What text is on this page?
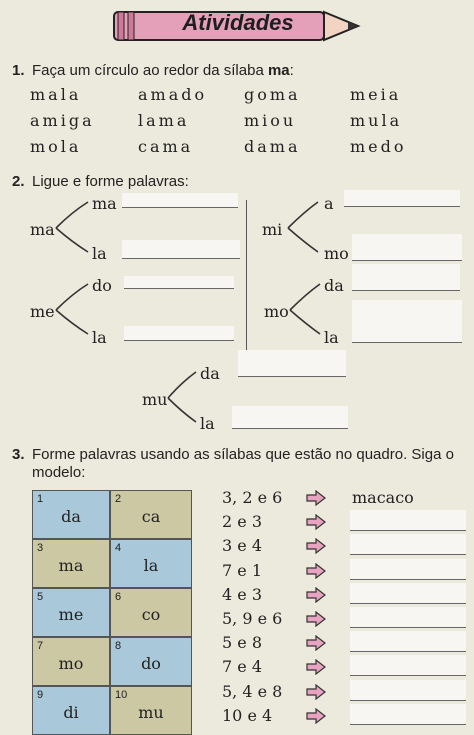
Atividades
1. Faça um círculo ao redor da sílaba ma:
mala	amado goma	meia
amiga	lama	miou	mula
mola	cama	dama	medo
2. Ligue e forme palavras:
ma
ma
la
me
do
la
mi
a
mo
mo
da
la
mu
da
la
3. Forme palavras usando as sílabas que estão no quadro. Siga o modelo:
1
da
2
ca
3
ma
4
la
5
me
6
co
7
mo
8
do
9
di
10
mu
3, 2 e 6	macaco
2 e 3
3 e 4
7 e 1
4 e 3
5, 9 e 6
5 e 8
7 e 4
5, 4 e 8
10 e 4
